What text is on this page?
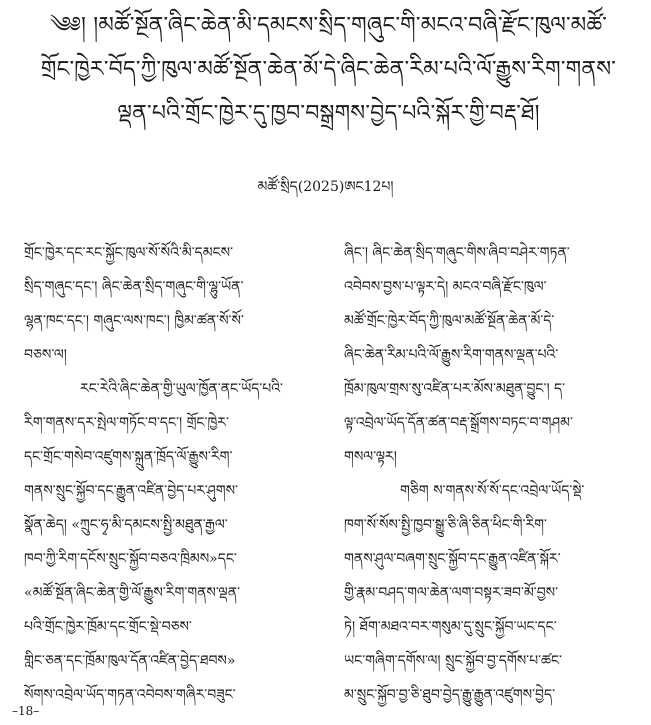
༄༅། །མཚོ་སྔོན་ཞིང་ཆེན་མི་དམངས་སྲིད་གཞུང་གི་མངའ་བཞི་རྫོང་ཁུལ་མཚོ་
གྲོང་ཁྱེར་བོད་ཀྱི་ཁུལ་མཚོ་སྔོན་ཆེན་མོ་དེ་ཞིང་ཆེན་རིམ་པའི་ལོ་རྒྱུས་རིག་གནས་
ལྡན་པའི་གྲོང་ཁྱེར་དུ་ཁྱབ་བསྒྲགས་བྱེད་པའི་སྐོར་གྱི་བརྡ་ཐོ།
མཚོ་སྲིད(2025)ཨང12པ།
གྲོང་ཁྱེར་དང་རང་སྐྱོང་ཁུལ་སོ་སོའི་མི་དམངས་
སྲིད་གཞུང་དང་། ཞིང་ཆེན་སྲིད་གཞུང་གི་ལྷུ་ཡོན་
ལྷན་ཁང་དང་། གཞུང་ལས་ཁང་། ཁྱིམ་ཚན་སོ་སོ་
བཅས་ལ།
རང་རེའི་ཞིང་ཆེན་གྱི་ཡུལ་ཁྱོན་ནང་ཡོད་པའི་
རིག་གནས་དར་སྤེལ་གཏོང་བ་དང་། གྲོང་ཁྱེར་
དང་གྲོང་གསེབ་འཛུགས་སྐྲུན་ཁྲོད་ལོ་རྒྱུས་རིག་
གནས་སྲུང་སྐྱོབ་དང་རྒྱུན་འཛིན་བྱེད་པར་ཤུགས་
སྣོན་ཆེད། «ཀྲུང་ཧྭ་མི་དམངས་སྤྱི་མཐུན་རྒྱལ་
ཁབ་ཀྱི་རིག་དངོས་སྲུང་སྐྱོབ་བཅའ་ཁྲིམས»དང་
«མཚོ་སྔོན་ཞིང་ཆེན་གྱི་ལོ་རྒྱུས་རིག་གནས་ལྡན་
པའི་གྲོང་ཁྱེར་ཁྲོམ་དང་གྲོང་སྡེ་བཅས་
གླིང་ཅན་དང་ཁྲོམ་ཁུལ་དོན་འཛིན་བྱེད་ཐབས»
སོགས་འབྲེལ་ཡོད་གཏན་འབེབས་གཞིར་བཟུང་
ཞིང་། ཞིང་ཆེན་སྲིད་གཞུང་གིས་ཞིབ་བཤེར་གཏན་
འབེབས་བྱས་པ་ལྟར་དེ། མངའ་བཞི་རྫོང་ཁུལ་
མཚོ་གྲོང་ཁྱེར་བོད་ཀྱི་ཁུལ་མཚོ་སྔོན་ཆེན་མོ་དེ་
ཞིང་ཆེན་རིམ་པའི་ལོ་རྒྱུས་རིག་གནས་ལྡན་པའི་
ཁྲོམ་ཁུལ་གྲས་སུ་འཛིན་པར་མོས་མཐུན་བྱུང་། ད་
ལྟ་འབྲེལ་ཡོད་དོན་ཚན་བརྡ་སྒྲོགས་བཏང་བ་གཤམ་
གསལ་ལྟར།
གཅིག ས་གནས་སོ་སོ་དང་འབྲེལ་ཡོད་སྡེ་
ཁག་སོ་སོས་སྤྱི་ཁྱབ་སྒྱུ་ཅི་ཞི་ཅིན་ཕིང་གི་རིག་
གནས་ཤུལ་བཞག་སྲུང་སྐྱོབ་དང་རྒྱུན་འཛིན་སྐོར་
གྱི་རྣམ་བཤད་གལ་ཆེན་ལག་བསྟར་ཟབ་མོ་བྱས་
ཏེ། ཐོག་མཐའ་བར་གསུམ་དུ་སྲུང་སྐྱོབ་ཡང་དང་
ཡང་གཞིག་དགོས་ལ། སྲུང་སྐྱོབ་བྱ་དགོས་པ་ཚང་
མ་སྲུང་སྐྱོབ་བྱ་ཅི་ཐུབ་བྱེད་རྒྱུ་རྒྱུན་འཛུགས་བྱེད་
–18–
